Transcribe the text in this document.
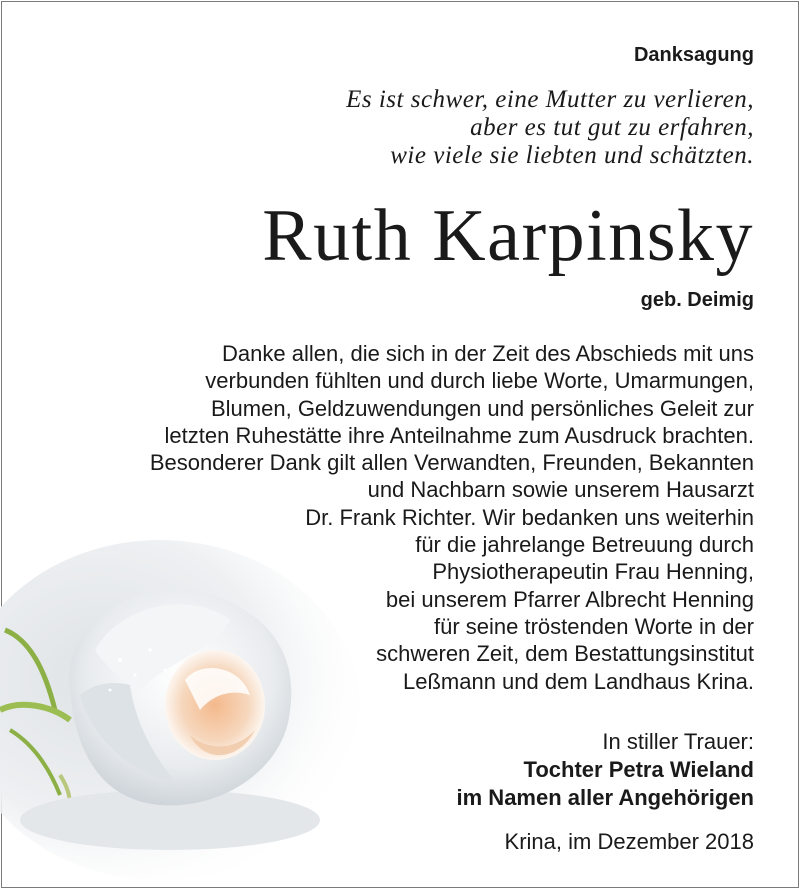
Danksagung
Es ist schwer, eine Mutter zu verlieren,
aber es tut gut zu erfahren,
wie viele sie liebten und schätzten.
Ruth Karpinsky
geb. Deimig
Danke allen, die sich in der Zeit des Abschieds mit uns
verbunden fühlten und durch liebe Worte, Umarmungen,
Blumen, Geldzuwendungen und persönliches Geleit zur
letzten Ruhestätte ihre Anteilnahme zum Ausdruck brachten.
Besonderer Dank gilt allen Verwandten, Freunden, Bekannten
und Nachbarn sowie unserem Hausarzt
Dr. Frank Richter. Wir bedanken uns weiterhin
für die jahrelange Betreuung durch
Physiotherapeutin Frau Henning,
bei unserem Pfarrer Albrecht Henning
für seine tröstenden Worte in der
schweren Zeit, dem Bestattungsinstitut
Leßmann und dem Landhaus Krina.
In stiller Trauer:
Tochter Petra Wieland
im Namen aller Angehörigen
Krina, im Dezember 2018
